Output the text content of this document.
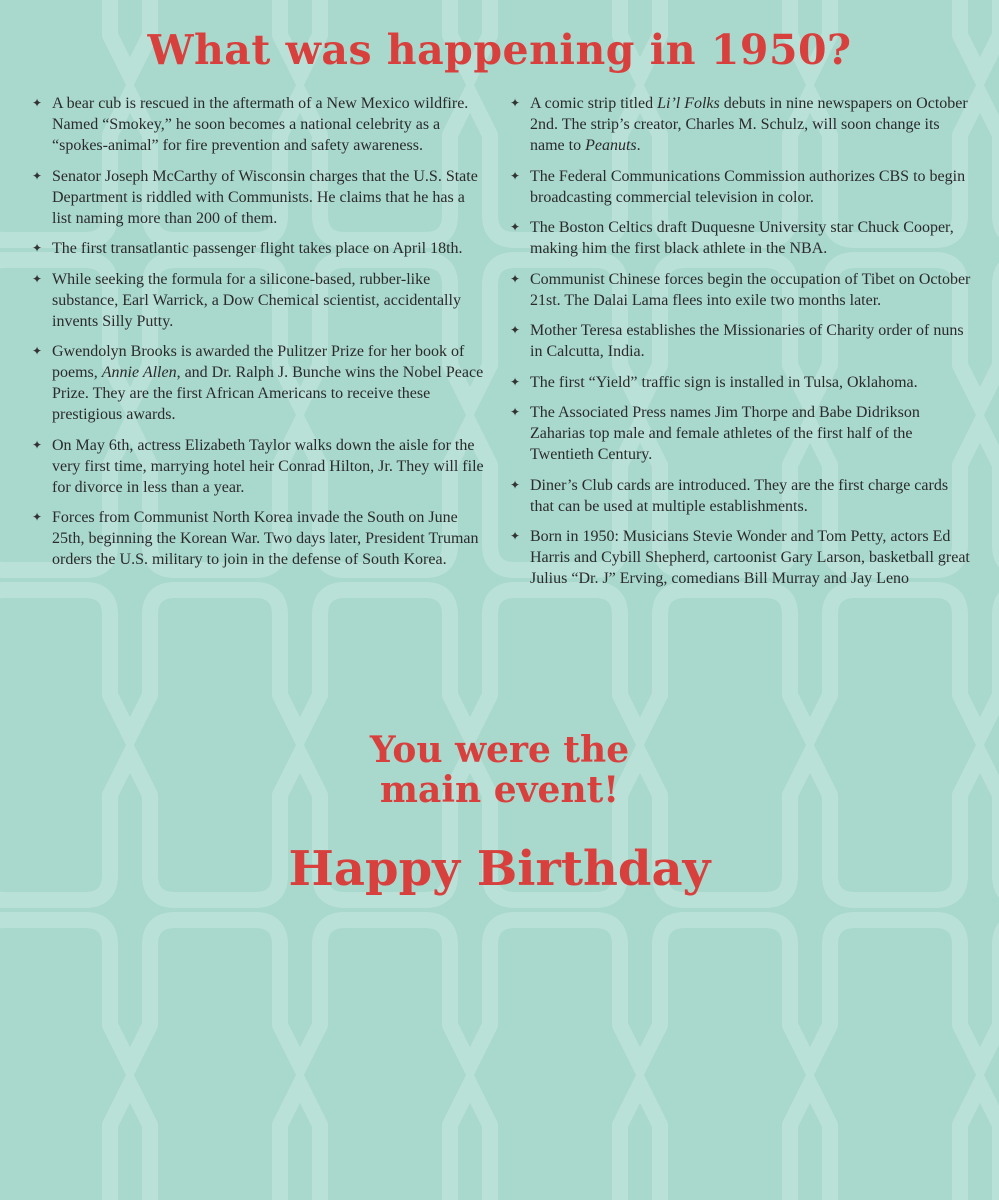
What was happening in 1950?
✦ A bear cub is rescued in the aftermath of a New Mexico wildfire. Named “Smokey,” he soon becomes a national celebrity as a “spokes-animal” for fire prevention and safety awareness.
✦ Senator Joseph McCarthy of Wisconsin charges that the U.S. State Department is riddled with Communists. He claims that he has a list naming more than 200 of them.
✦ The first transatlantic passenger flight takes place on April 18th.
✦ While seeking the formula for a silicone-based, rubber-like substance, Earl Warrick, a Dow Chemical scientist, accidentally invents Silly Putty.
✦ Gwendolyn Brooks is awarded the Pulitzer Prize for her book of poems, Annie Allen, and Dr. Ralph J. Bunche wins the Nobel Peace Prize. They are the first African Americans to receive these prestigious awards.
✦ On May 6th, actress Elizabeth Taylor walks down the aisle for the very first time, marrying hotel heir Conrad Hilton, Jr. They will file for divorce in less than a year.
✦ Forces from Communist North Korea invade the South on June 25th, beginning the Korean War. Two days later, President Truman orders the U.S. military to join in the defense of South Korea.
✦ A comic strip titled Li’l Folks debuts in nine newspapers on October 2nd. The strip’s creator, Charles M. Schulz, will soon change its name to Peanuts.
✦ The Federal Communications Commission authorizes CBS to begin broadcasting commercial television in color.
✦ The Boston Celtics draft Duquesne University star Chuck Cooper, making him the first black athlete in the NBA.
✦ Communist Chinese forces begin the occupation of Tibet on October 21st. The Dalai Lama flees into exile two months later.
✦ Mother Teresa establishes the Missionaries of Charity order of nuns in Calcutta, India.
✦ The first “Yield” traffic sign is installed in Tulsa, Oklahoma.
✦ The Associated Press names Jim Thorpe and Babe Didrikson Zaharias top male and female athletes of the first half of the Twentieth Century.
✦ Diner’s Club cards are introduced. They are the first charge cards that can be used at multiple establishments.
✦ Born in 1950: Musicians Stevie Wonder and Tom Petty, actors Ed Harris and Cybill Shepherd, cartoonist Gary Larson, basketball great Julius “Dr. J” Erving, comedians Bill Murray and Jay Leno
You were the
main event!
Happy Birthday
